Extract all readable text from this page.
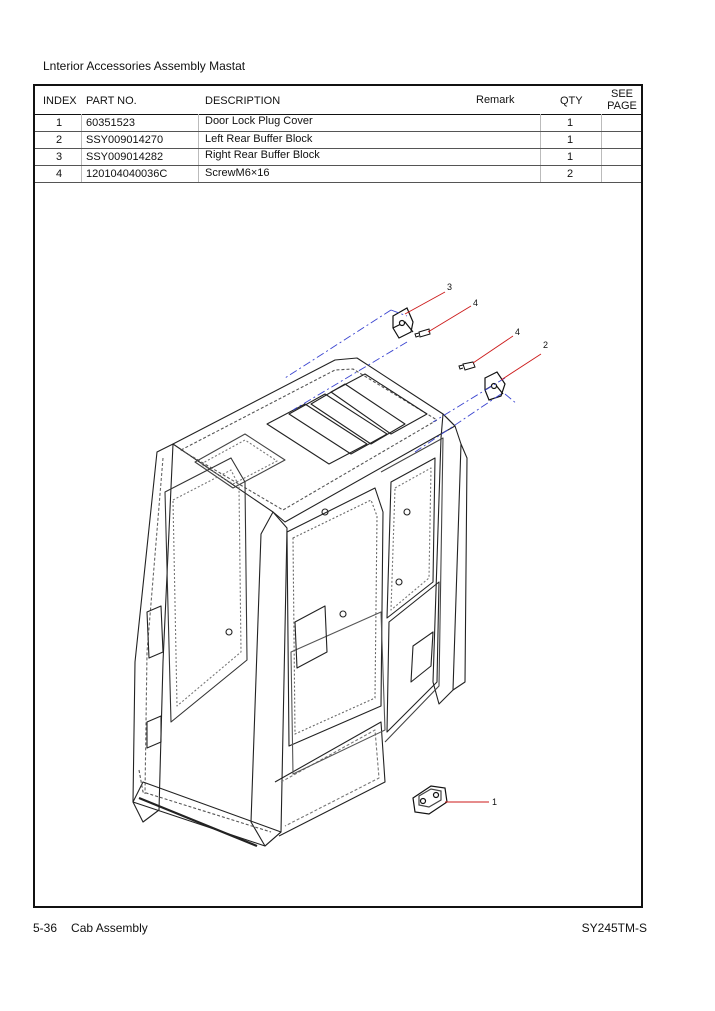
Lnterior Accessories Assembly Mastat
INDEX PART NO.	DESCRIPTION	Remark	QTY
SEE
PAGE
1	60351523	Door Lock Plug Cover	1
2	SSY009014270	Left Rear Buffer Block	1
3	SSY009014282	Right Rear Buffer Block	1
4	120104040036C	ScrewM6×16	2
3
4
4
2
1
5-36 Cab Assembly	SY245TM-S
